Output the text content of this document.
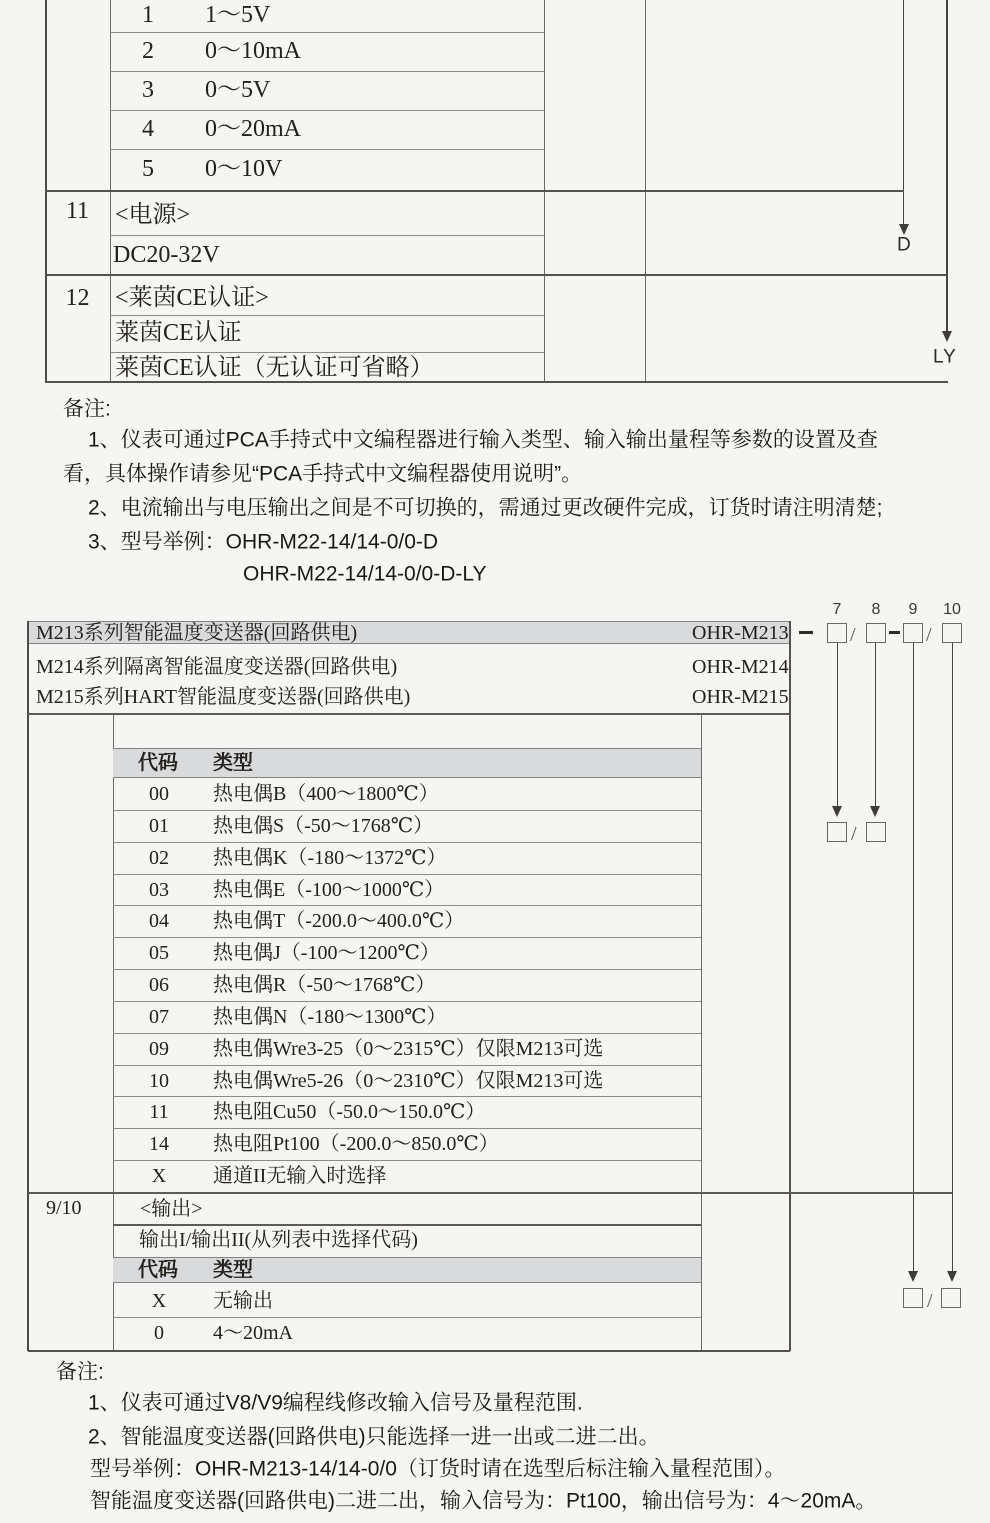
D
LY
1	1～5V
2	0～10mA
3	0～5V
4	0～20mA
5	0～10V
11	<电源>
DC20-32V
12	<莱茵CE认证>
莱茵CE认证
莱茵CE认证（无认证可省略）
备注:
1、仪表可通过PCA手持式中文编程器进行输入类型、输入输出量程等参数的设置及查
看，具体操作请参见“PCA手持式中文编程器使用说明”。
2、电流输出与电压输出之间是不可切换的，需通过更改硬件完成，订货时请注明清楚;
3、型号举例：OHR-M22-14/14-0/0-D
OHR-M22-14/14-0/0-D-LY
M213系列智能温度变送器(回路供电)	OHR-M213
M214系列隔离智能温度变送器(回路供电)	OHR-M214
M215系列HART智能温度变送器(回路供电)	OHR-M215
7	8	9	10
/	/
/
/
代码 类型
00	热电偶B（400～1800℃）
01	热电偶S（-50～1768℃）
02	热电偶K（-180～1372℃）
03	热电偶E（-100～1000℃）
04	热电偶T（-200.0～400.0℃）
05	热电偶J（-100～1200℃）
06	热电偶R（-50～1768℃）
07	热电偶N（-180～1300℃）
09	热电偶Wre3-25（0～2315℃）仅限M213可选
10	热电偶Wre5-26（0～2310℃）仅限M213可选
11	热电阻Cu50（-50.0～150.0℃）
14	热电阻Pt100（-200.0～850.0℃）
X	通道II无输入时选择
9/10	<输出>
输出I/输出II(从列表中选择代码)
代码 类型
X	无输出
0	4～20mA
备注:
1、仪表可通过V8/V9编程线修改输入信号及量程范围.
2、智能温度变送器(回路供电)只能选择一进一出或二进二出。
型号举例：OHR-M213-14/14-0/0（订货时请在选型后标注输入量程范围）。
智能温度变送器(回路供电)二进二出，输入信号为：Pt100，输出信号为：4～20mA。
